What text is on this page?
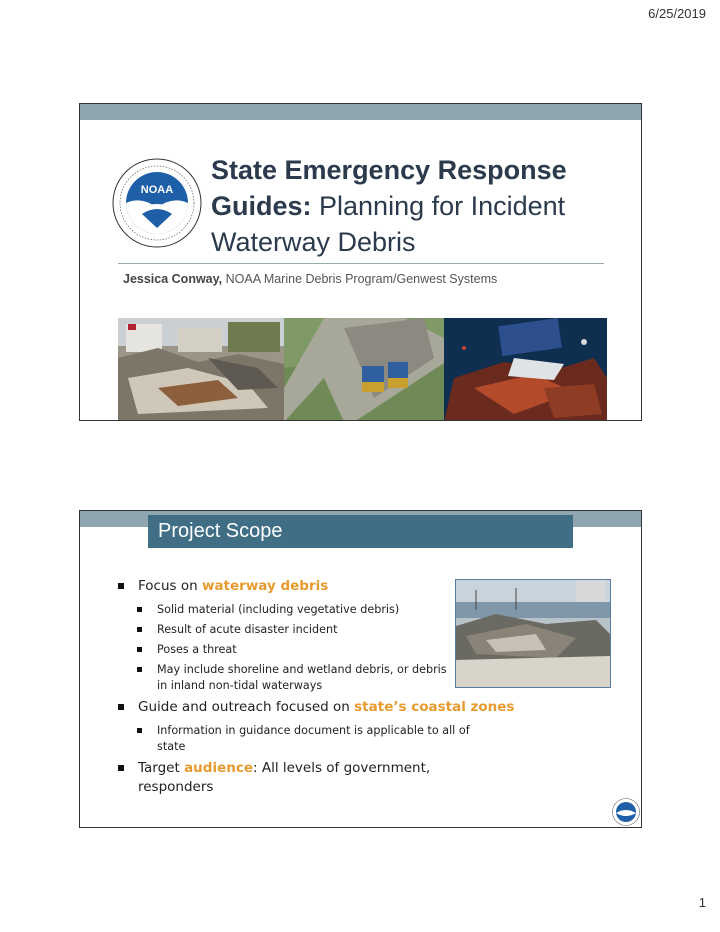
6/25/2019
NOAA
State Emergency Response
Guides: Planning for Incident
Waterway Debris
Jessica Conway, NOAA Marine Debris Program/Genwest Systems
Project Scope
Focus on waterway debris
Solid material (including vegetative debris)
Result of acute disaster incident
Poses a threat
May include shoreline and wetland debris, or debris in inland non-tidal waterways
Guide and outreach focused on state’s coastal zones
Information in guidance document is applicable to all of state
Target audience: All levels of government, responders
1
